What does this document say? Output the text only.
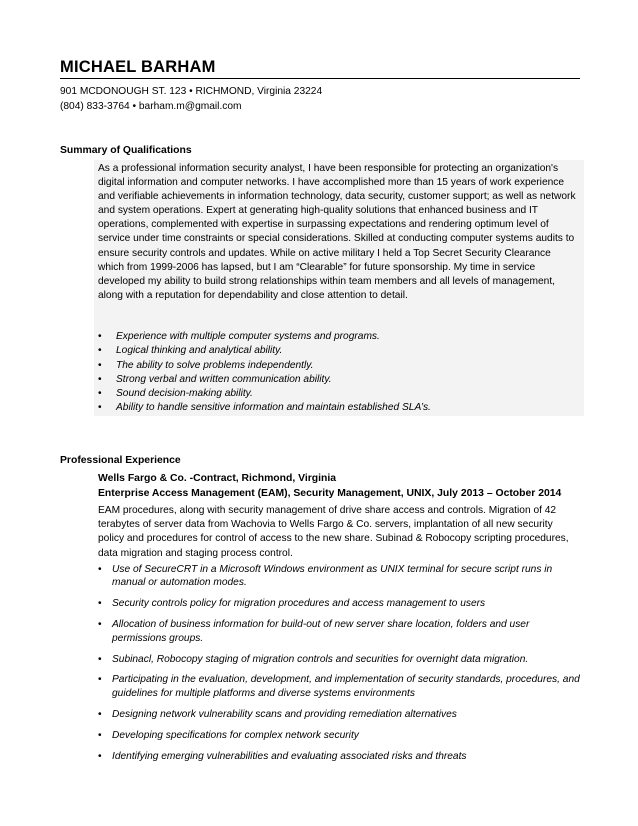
MICHAEL BARHAM
901 MCDONOUGH ST. 123 • RICHMOND, Virginia 23224
(804) 833-3764 • barham.m@gmail.com
Summary of Qualifications

As a professional information security analyst, I have been responsible for protecting an organization's digital information and computer networks. I have accomplished more than 15 years of work experience and verifiable achievements in information technology, data security, customer support; as well as network and system operations. Expert at generating high-quality solutions that enhanced business and IT operations, complemented with expertise in surpassing expectations and rendering optimum level of service under time constraints or special considerations. Skilled at conducting computer systems audits to ensure security controls and updates. While on active military I held a Top Secret Security Clearance which from 1999-2006 has lapsed, but I am “Clearable” for future sponsorship. My time in service developed my ability to build strong relationships within team members and all levels of management, along with a reputation for dependability and close attention to detail.

• Experience with multiple computer systems and programs.
• Logical thinking and analytical ability.
• The ability to solve problems independently.
• Strong verbal and written communication ability.
• Sound decision-making ability.
• Ability to handle sensitive information and maintain established SLA’s.
Professional Experience
Wells Fargo & Co. -Contract, Richmond, Virginia
Enterprise Access Management (EAM), Security Management, UNIX, July 2013 – October 2014

EAM procedures, along with security management of drive share access and controls. Migration of 42 terabytes of server data from Wachovia to Wells Fargo & Co. servers, implantation of all new security policy and procedures for control of access to the new share. Subinad & Robocopy scripting procedures, data migration and staging process control.

• Use of SecureCRT in a Microsoft Windows environment as UNIX terminal for secure script runs in manual or automation modes.
• Security controls policy for migration procedures and access management to users
• Allocation of business information for build-out of new server share location, folders and user permissions groups.
• Subinacl, Robocopy staging of migration controls and securities for overnight data migration.
• Participating in the evaluation, development, and implementation of security standards, procedures, and guidelines for multiple platforms and diverse systems environments
• Designing network vulnerability scans and providing remediation alternatives
• Developing specifications for complex network security
• Identifying emerging vulnerabilities and evaluating associated risks and threats
